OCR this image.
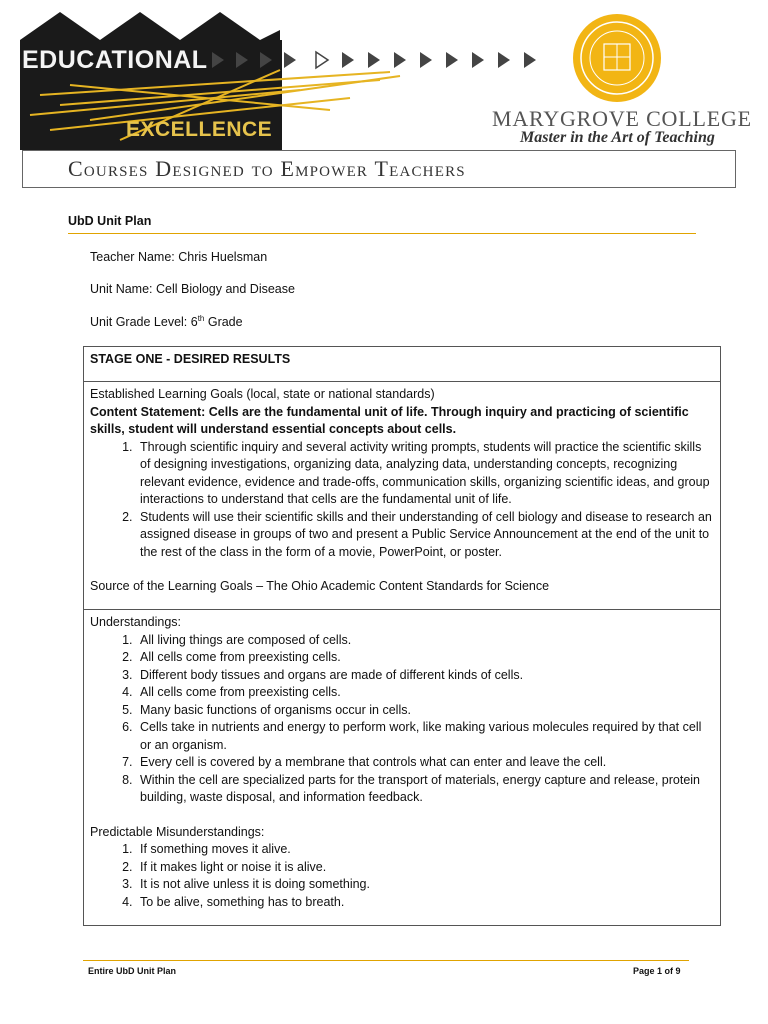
EDUCATIONAL
EXCELLENCE	MARYGROVE COLLEGE
Master in the Art of Teaching
Courses Designed to Empower Teachers
UbD Unit Plan
Teacher Name: Chris Huelsman
Unit Name: Cell Biology and Disease
Unit Grade Level: 6th Grade
STAGE ONE - DESIRED RESULTS
Established Learning Goals (local, state or national standards)
Content Statement: Cells are the fundamental unit of life. Through inquiry and practicing of scientific skills, student will understand essential concepts about cells.
1. Through scientific inquiry and several activity writing prompts, students will practice the scientific skills of designing investigations, organizing data, analyzing data, understanding concepts, recognizing relevant evidence, evidence and trade-offs, communication skills, organizing scientific ideas, and group interactions to understand that cells are the fundamental unit of life.
2. Students will use their scientific skills and their understanding of cell biology and disease to research an assigned disease in groups of two and present a Public Service Announcement at the end of the unit to the rest of the class in the form of a movie, PowerPoint, or poster.
Source of the Learning Goals – The Ohio Academic Content Standards for Science
Understandings:
1. All living things are composed of cells.
2. All cells come from preexisting cells.
3. Different body tissues and organs are made of different kinds of cells.
4. All cells come from preexisting cells.
5. Many basic functions of organisms occur in cells.
6. Cells take in nutrients and energy to perform work, like making various molecules required by that cell or an organism.
7. Every cell is covered by a membrane that controls what can enter and leave the cell.
8. Within the cell are specialized parts for the transport of materials, energy capture and release, protein building, waste disposal, and information feedback.
Predictable Misunderstandings:
1. If something moves it alive.
2. If it makes light or noise it is alive.
3. It is not alive unless it is doing something.
4. To be alive, something has to breath.
Entire UbD Unit Plan	Page 1 of 9
